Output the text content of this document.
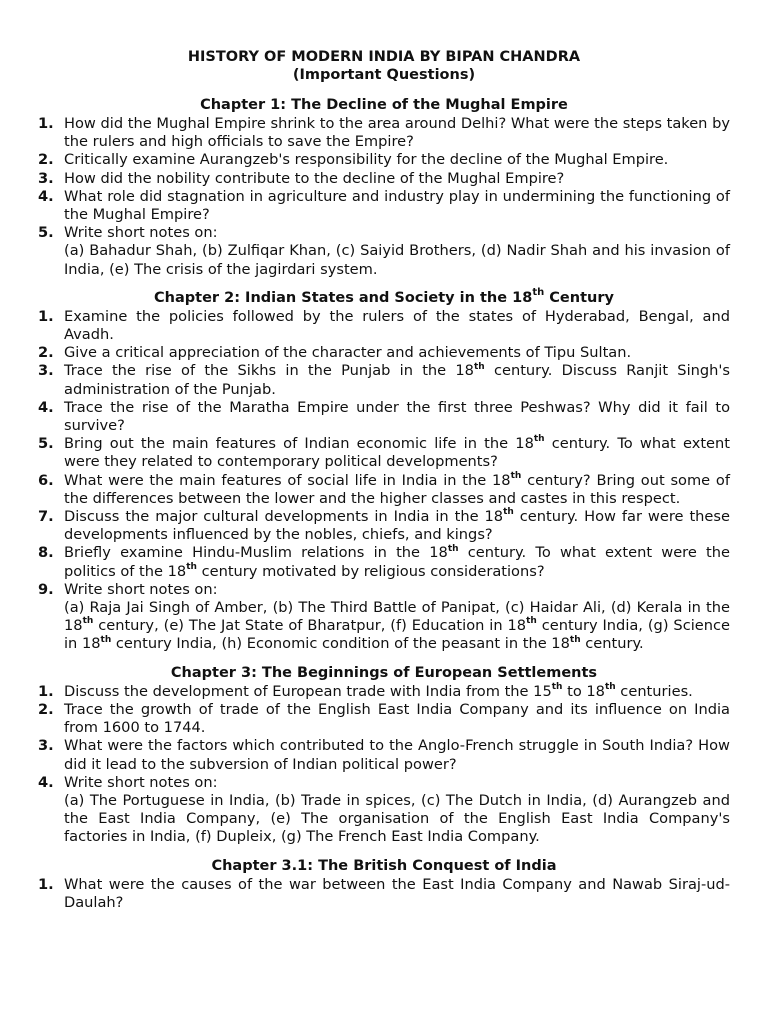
HISTORY OF MODERN INDIA BY BIPAN CHANDRA
(Important Questions)
Chapter 1: The Decline of the Mughal Empire
1. How did the Mughal Empire shrink to the area around Delhi? What were the steps taken by the rulers and high officials to save the Empire?
2. Critically examine Aurangzeb's responsibility for the decline of the Mughal Empire.
3. How did the nobility contribute to the decline of the Mughal Empire?
4. What role did stagnation in agriculture and industry play in undermining the functioning of the Mughal Empire?
5. Write short notes on:
(a) Bahadur Shah, (b) Zulfiqar Khan, (c) Saiyid Brothers, (d) Nadir Shah and his invasion of India, (e) The crisis of the jagirdari system.
Chapter 2: Indian States and Society in the 18th Century
1. Examine the policies followed by the rulers of the states of Hyderabad, Bengal, and Avadh.
2. Give a critical appreciation of the character and achievements of Tipu Sultan.
3. Trace the rise of the Sikhs in the Punjab in the 18th century. Discuss Ranjit Singh's administration of the Punjab.
4. Trace the rise of the Maratha Empire under the first three Peshwas? Why did it fail to survive?
5. Bring out the main features of Indian economic life in the 18th century. To what extent were they related to contemporary political developments?
6. What were the main features of social life in India in the 18th century? Bring out some of the differences between the lower and the higher classes and castes in this respect.
7. Discuss the major cultural developments in India in the 18th century. How far were these developments influenced by the nobles, chiefs, and kings?
8. Briefly examine Hindu-Muslim relations in the 18th century. To what extent were the politics of the 18th century motivated by religious considerations?
9. Write short notes on:
(a) Raja Jai Singh of Amber, (b) The Third Battle of Panipat, (c) Haidar Ali, (d) Kerala in the 18th century, (e) The Jat State of Bharatpur, (f) Education in 18th century India, (g) Science in 18th century India, (h) Economic condition of the peasant in the 18th century.
Chapter 3: The Beginnings of European Settlements
1. Discuss the development of European trade with India from the 15th to 18th centuries.
2. Trace the growth of trade of the English East India Company and its influence on India from 1600 to 1744.
3. What were the factors which contributed to the Anglo-French struggle in South India? How did it lead to the subversion of Indian political power?
4. Write short notes on:
(a) The Portuguese in India, (b) Trade in spices, (c) The Dutch in India, (d) Aurangzeb and the East India Company, (e) The organisation of the English East India Company's factories in India, (f) Dupleix, (g) The French East India Company.
Chapter 3.1: The British Conquest of India
1. What were the causes of the war between the East India Company and Nawab Siraj-ud-Daulah?
